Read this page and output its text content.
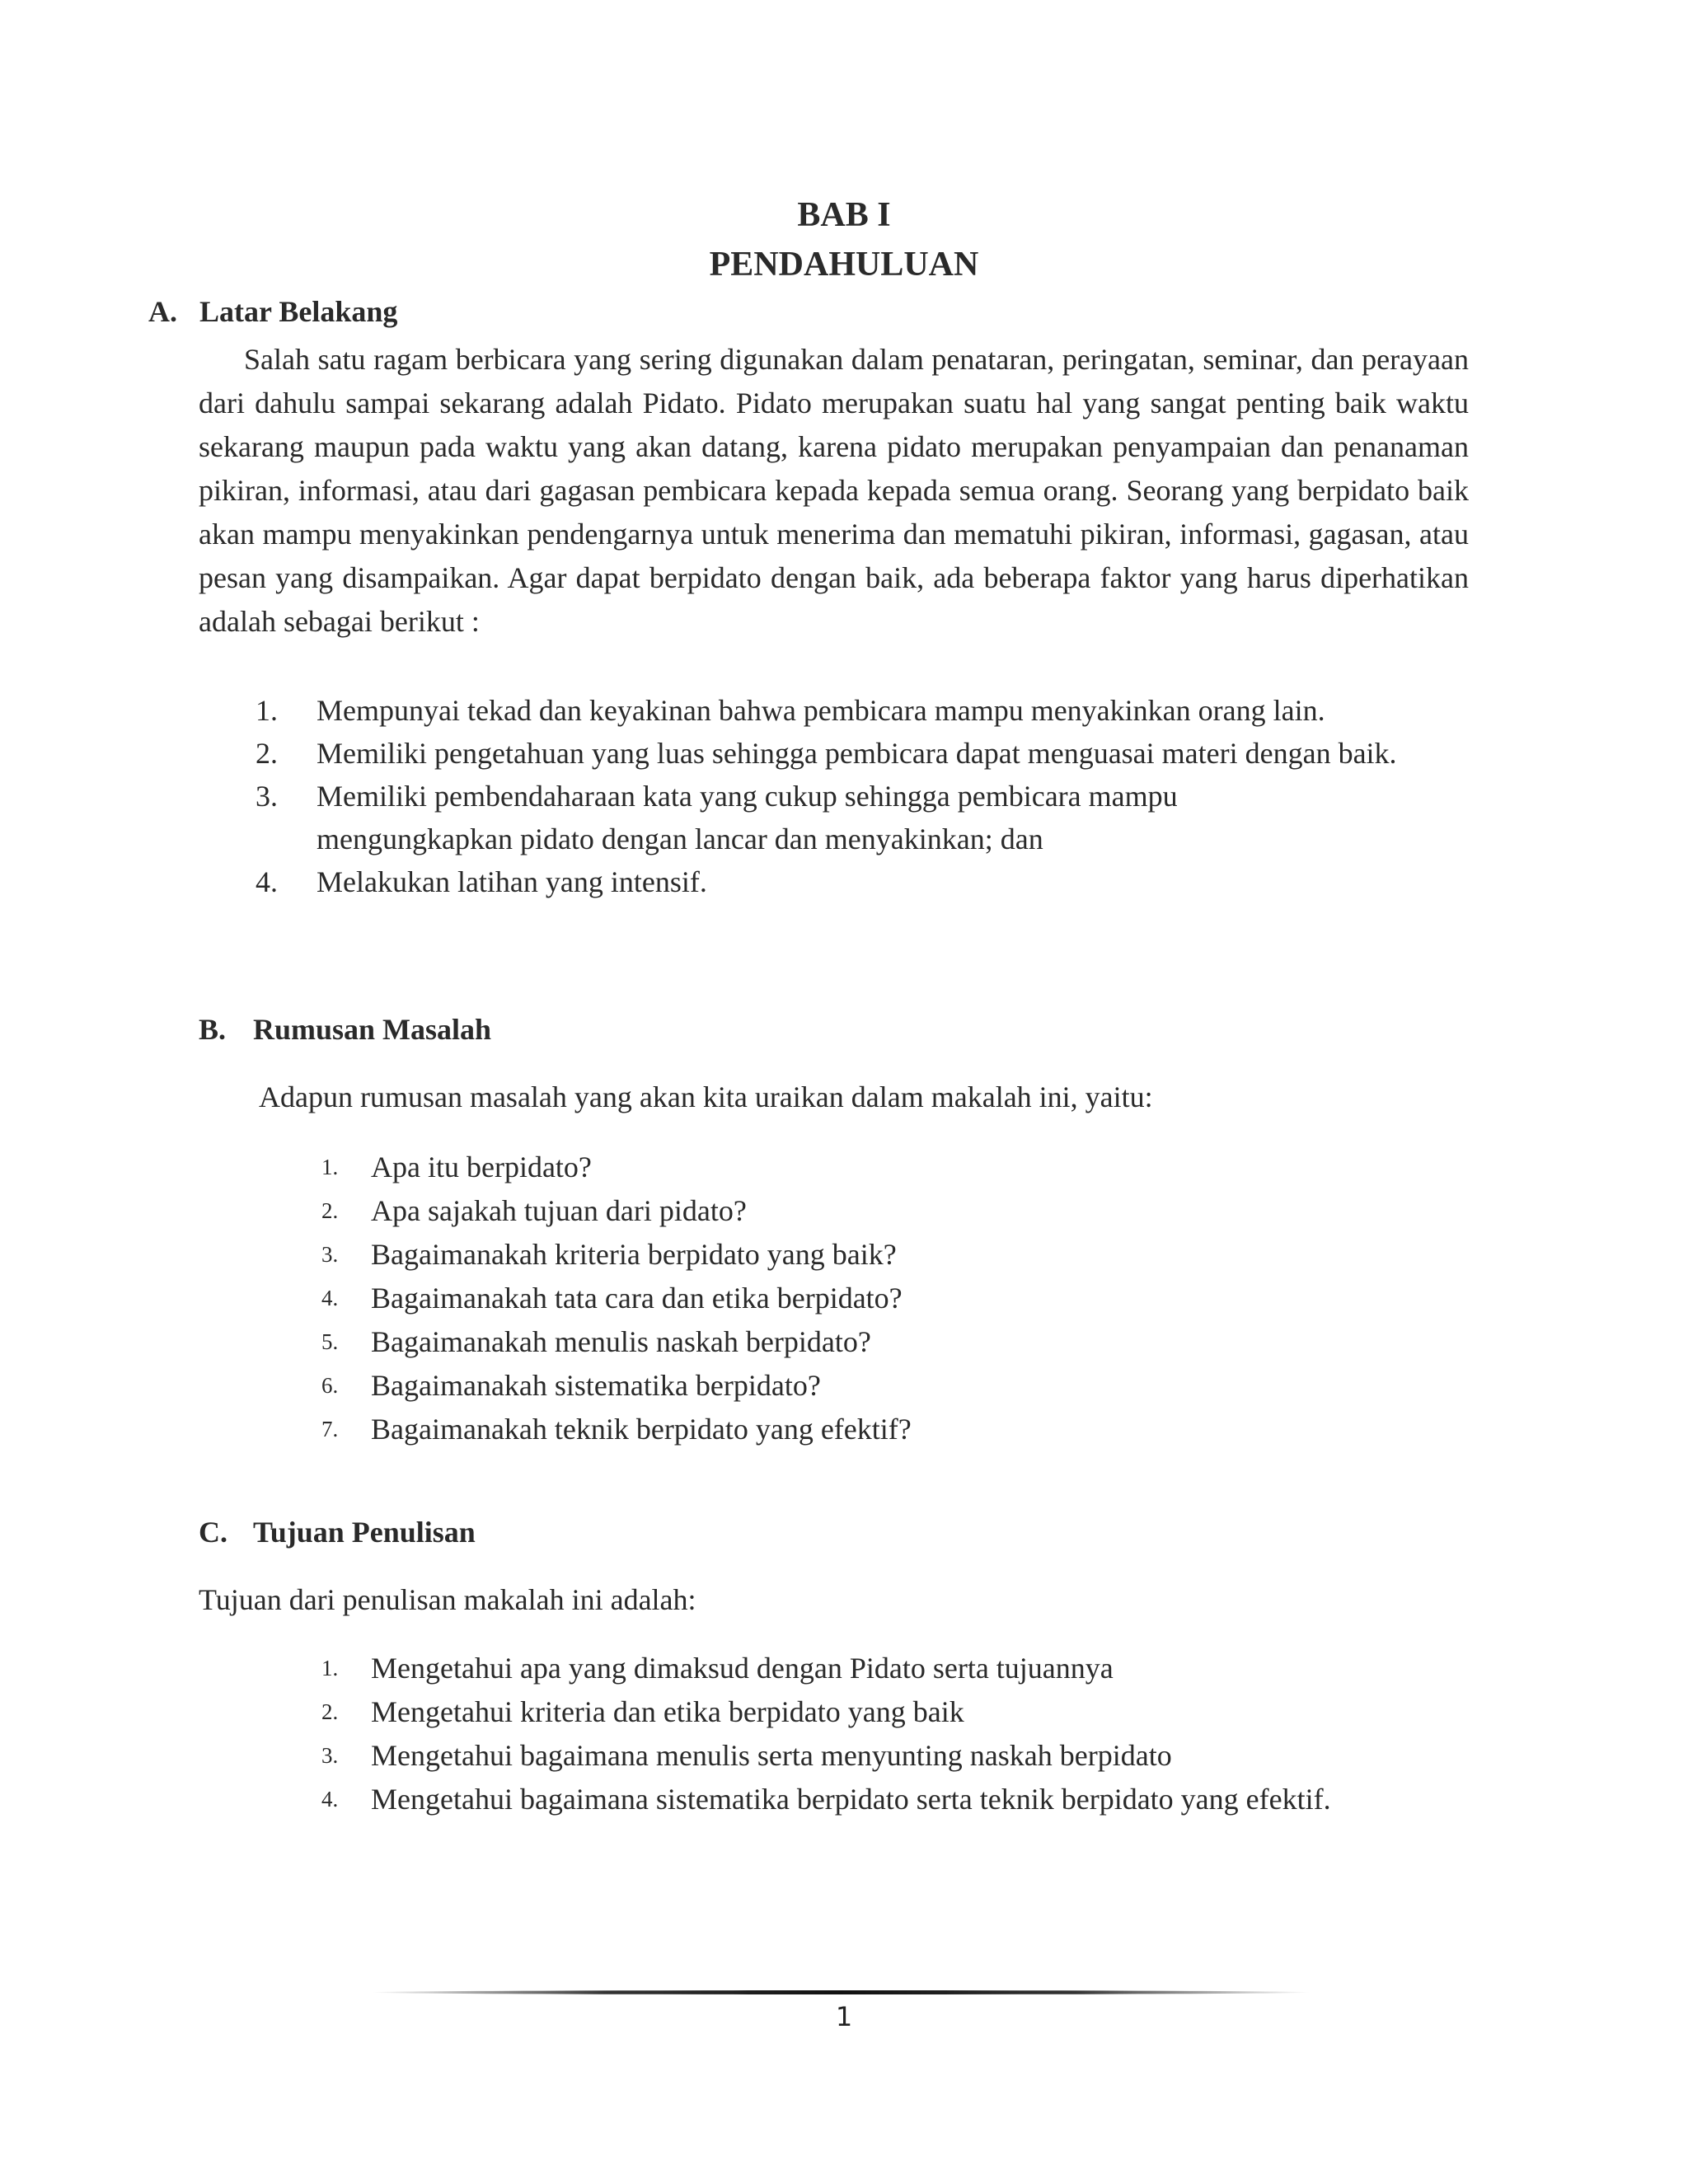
BAB I
PENDAHULUAN
A. Latar Belakang

Salah satu ragam berbicara yang sering digunakan dalam penataran, peringatan, seminar, dan perayaan dari dahulu sampai sekarang adalah Pidato. Pidato merupakan suatu hal yang sangat penting baik waktu sekarang maupun pada waktu yang akan datang, karena pidato merupakan penyampaian dan penanaman pikiran, informasi, atau dari gagasan pembicara kepada kepada semua orang. Seorang yang berpidato baik akan mampu menyakinkan pendengarnya untuk menerima dan mematuhi pikiran, informasi, gagasan, atau pesan yang disampaikan. Agar dapat berpidato dengan baik, ada beberapa faktor yang harus diperhatikan adalah sebagai berikut :

1.	Mempunyai tekad dan keyakinan bahwa pembicara mampu menyakinkan orang lain.
2.	Memiliki pengetahuan yang luas sehingga pembicara dapat menguasai materi dengan baik.
3.	Memiliki pembendaharaan kata yang cukup sehingga pembicara mampu mengungkapkan pidato dengan lancar dan menyakinkan; dan
4.	Melakukan latihan yang intensif.
B. Rumusan Masalah
Adapun rumusan masalah yang akan kita uraikan dalam makalah ini, yaitu:
1. Apa itu berpidato?
2. Apa sajakah tujuan dari pidato?
3. Bagaimanakah kriteria berpidato yang baik?
4. Bagaimanakah tata cara dan etika berpidato?
5. Bagaimanakah menulis naskah berpidato?
6. Bagaimanakah sistematika berpidato?
7. Bagaimanakah teknik berpidato yang efektif?
C. Tujuan Penulisan
Tujuan dari penulisan makalah ini adalah:
1. Mengetahui apa yang dimaksud dengan Pidato serta tujuannya
2. Mengetahui kriteria dan etika berpidato yang baik
3. Mengetahui bagaimana menulis serta menyunting naskah berpidato
4. Mengetahui bagaimana sistematika berpidato serta teknik berpidato yang efektif.
1
